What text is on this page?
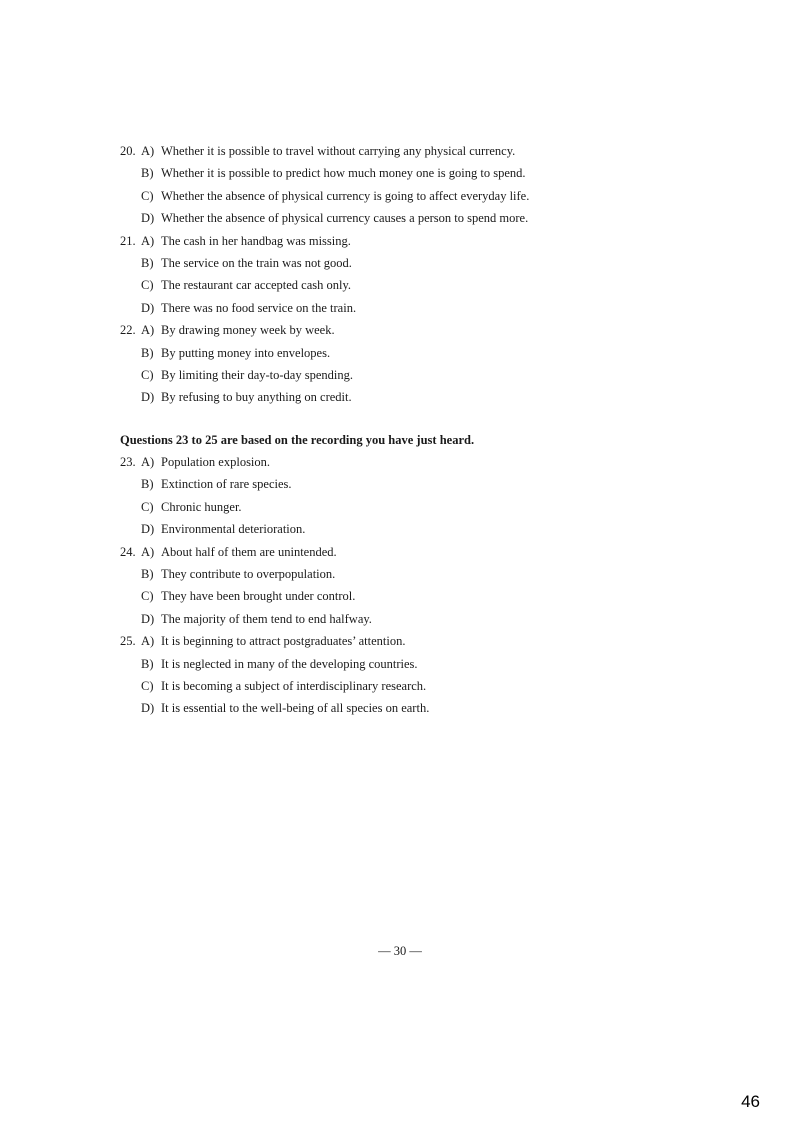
20. A) Whether it is possible to travel without carrying any physical currency.
B) Whether it is possible to predict how much money one is going to spend.
C) Whether the absence of physical currency is going to affect everyday life.
D) Whether the absence of physical currency causes a person to spend more.
21. A) The cash in her handbag was missing.
B) The service on the train was not good.
C) The restaurant car accepted cash only.
D) There was no food service on the train.
22. A) By drawing money week by week.
B) By putting money into envelopes.
C) By limiting their day-to-day spending.
D) By refusing to buy anything on credit.
Questions 23 to 25 are based on the recording you have just heard.
23. A) Population explosion.
B) Extinction of rare species.
C) Chronic hunger.
D) Environmental deterioration.
24. A) About half of them are unintended.
B) They contribute to overpopulation.
C) They have been brought under control.
D) The majority of them tend to end halfway.
25. A) It is beginning to attract postgraduates’ attention.
B) It is neglected in many of the developing countries.
C) It is becoming a subject of interdisciplinary research.
D) It is essential to the well-being of all species on earth.
— 30 —
46
